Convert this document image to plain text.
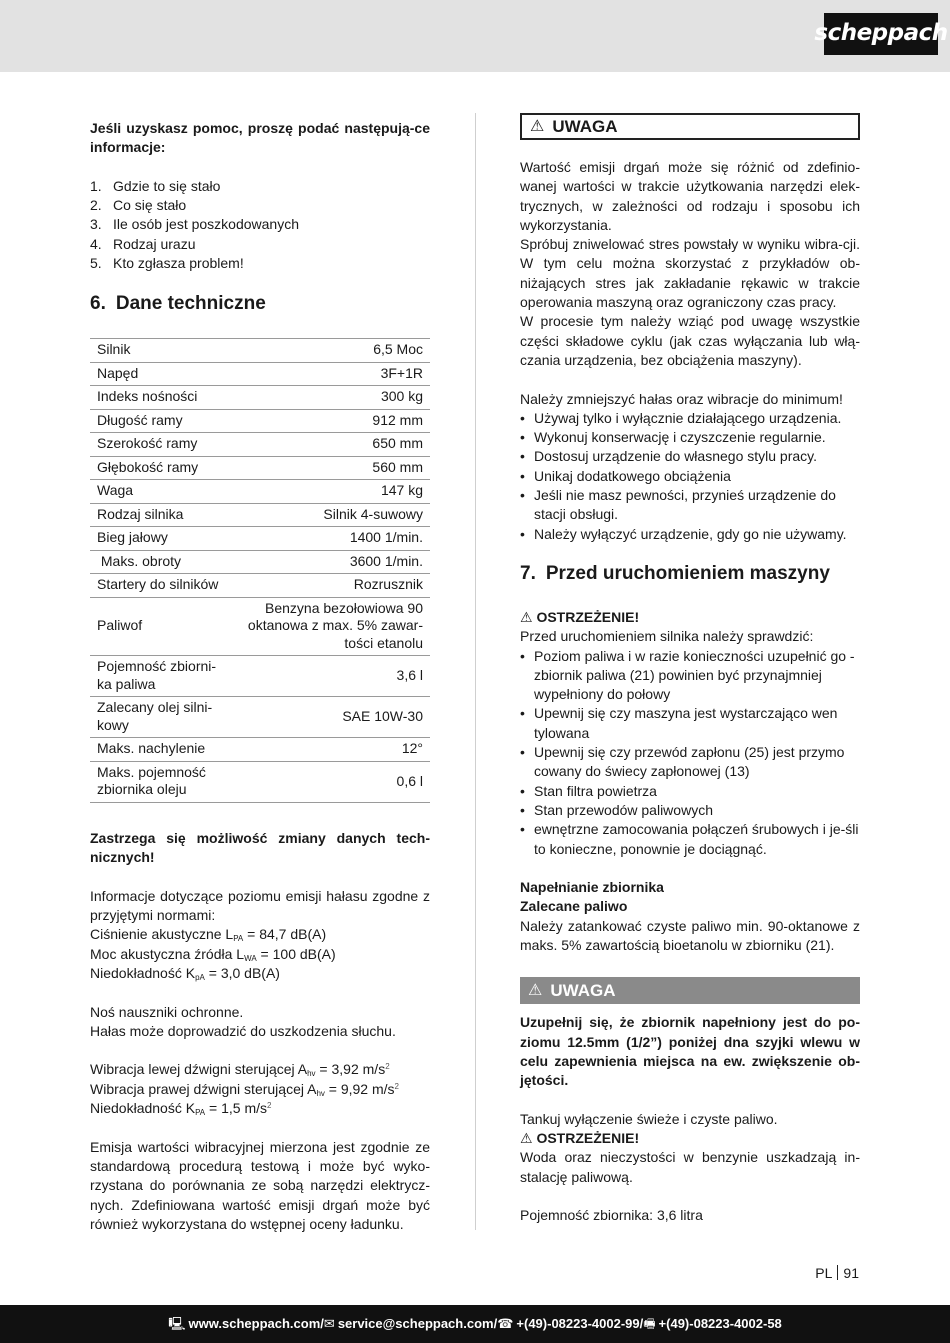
scheppach

Jeśli uzyskasz pomoc, proszę podać następują-ce informacje:

1. Gdzie to się stało
2. Co się stało
3. Ile osób jest poszkodowanych
4. Rodzaj urazu
5. Kto zgłasza problem!
6. Dane techniczne
Silnik	6,5 Moc
Napęd	3F+1R
Indeks nośności	300 kg
Długość ramy	912 mm
Szerokość ramy	650 mm
Głębokość ramy	560 mm
Waga	147 kg
Rodzaj silnika	Silnik 4-suwowy
Bieg jałowy	1400 1/min.
Maks. obroty	3600 1/min.
Startery do silników	Rozrusznik
Paliwof	Benzyna bezołowiowa 90 oktanowa z max. 5% zawar-tości etanolu
Pojemność zbiorni-ka paliwa	3,6 l
Zalecany olej silni-kowy	SAE 10W-30
Maks. nachylenie	12°
Maks. pojemność zbiornika oleju	0,6 l

Zastrzega się możliwość zmiany danych tech-nicznych!

Informacje dotyczące poziomu emisji hałasu zgodne z przyjętymi normami:

Ciśnienie akustyczne $L_{PA} = 84,7$ dB(A)

Moc akustyczna źródła $L_{WA} = 100$ dB(A)

Niedokładność $K_{pA} = 3,0$ dB(A)

Noś nauszniki ochronne.

Hałas może doprowadzić do uszkodzenia słuchu.

Wibracja lewej dźwigni sterującej $A_{hv} = 3,92$ $m/s^2$

Wibracja prawej dźwigni sterującej $A_{hv} = 9,92$ $m/s^2$

Niedokładność $K_{PA} = 1,5$ $m/s^2$

Emisja wartości wibracyjnej mierzona jest zgodnie ze standardową procedurą testową i może być wyko-rzystana do porównania ze sobą narzędzi elektrycz-nych. Zdefiniowana wartość emisji drgań może być również wykorzystana do wstępnej oceny ładunku.

⚠ UWAGA

Wartość emisji drgań może się różnić od zdefinio-wanej wartości w trakcie użytkowania narzędzi elek-trycznych, w zależności od rodzaju i sposobu ich wykorzystania.

Spróbuj zniwelować stres powstały w wyniku wibra-cji. W tym celu można skorzystać z przykładów ob-niżających stres jak zakładanie rękawic w trakcie operowania maszyną oraz ograniczony czas pracy.

W procesie tym należy wziąć pod uwagę wszystkie części składowe cyklu (jak czas wyłączania lub włą-czania urządzenia, bez obciążenia maszyny).

Należy zmniejszyć hałas oraz wibracje do minimum!

• Używaj tylko i wyłącznie działającego urządzenia.
• Wykonuj konserwację i czyszczenie regularnie.
• Dostosuj urządzenie do własnego stylu pracy.
• Unikaj dodatkowego obciążenia
• Jeśli nie masz pewności, przynieś urządzenie do stacji obsługi.
• Należy wyłączyć urządzenie, gdy go nie używamy.
7. Przed uruchomieniem maszyny

⚠ OSTRZEŻENIE!

Przed uruchomieniem silnika należy sprawdzić:

• Poziom paliwa i w razie konieczności uzupełnić go - zbiornik paliwa (21) powinien być przynajmniej wypełniony do połowy
• Upewnij się czy maszyna jest wystarczająco wen tylowana
• Upewnij się czy przewód zapłonu (25) jest przymo cowany do świecy zapłonowej (13)
• Stan filtra powietrza
• Stan przewodów paliwowych
• ewnętrzne zamocowania połączeń śrubowych i je-śli to konieczne, ponownie je dociągnąć.

Napełnianie zbiornika

Zalecane paliwo

Należy zatankować czyste paliwo min. 90-oktanowe z maks. 5% zawartością bioetanolu w zbiorniku (21).

⚠ UWAGA

Uzupełnij się, że zbiornik napełniony jest do po-ziomu 12.5mm (1/2”) poniżej dna szyjki wlewu w celu zapewnienia miejsca na ew. zwiększenie ob-jętości.

Tankuj wyłączenie świeże i czyste paliwo.

⚠ OSTRZEŻENIE!

Woda oraz nieczystości w benzynie uszkadzają in-stalację paliwową.

Pojemność zbiornika: 3,6 litra

PL 91
🖳 www.scheppach.com / ✉ service@scheppach.com / ☎ +(49)-08223-4002-99 / 🖷 +(49)-08223-4002-58
